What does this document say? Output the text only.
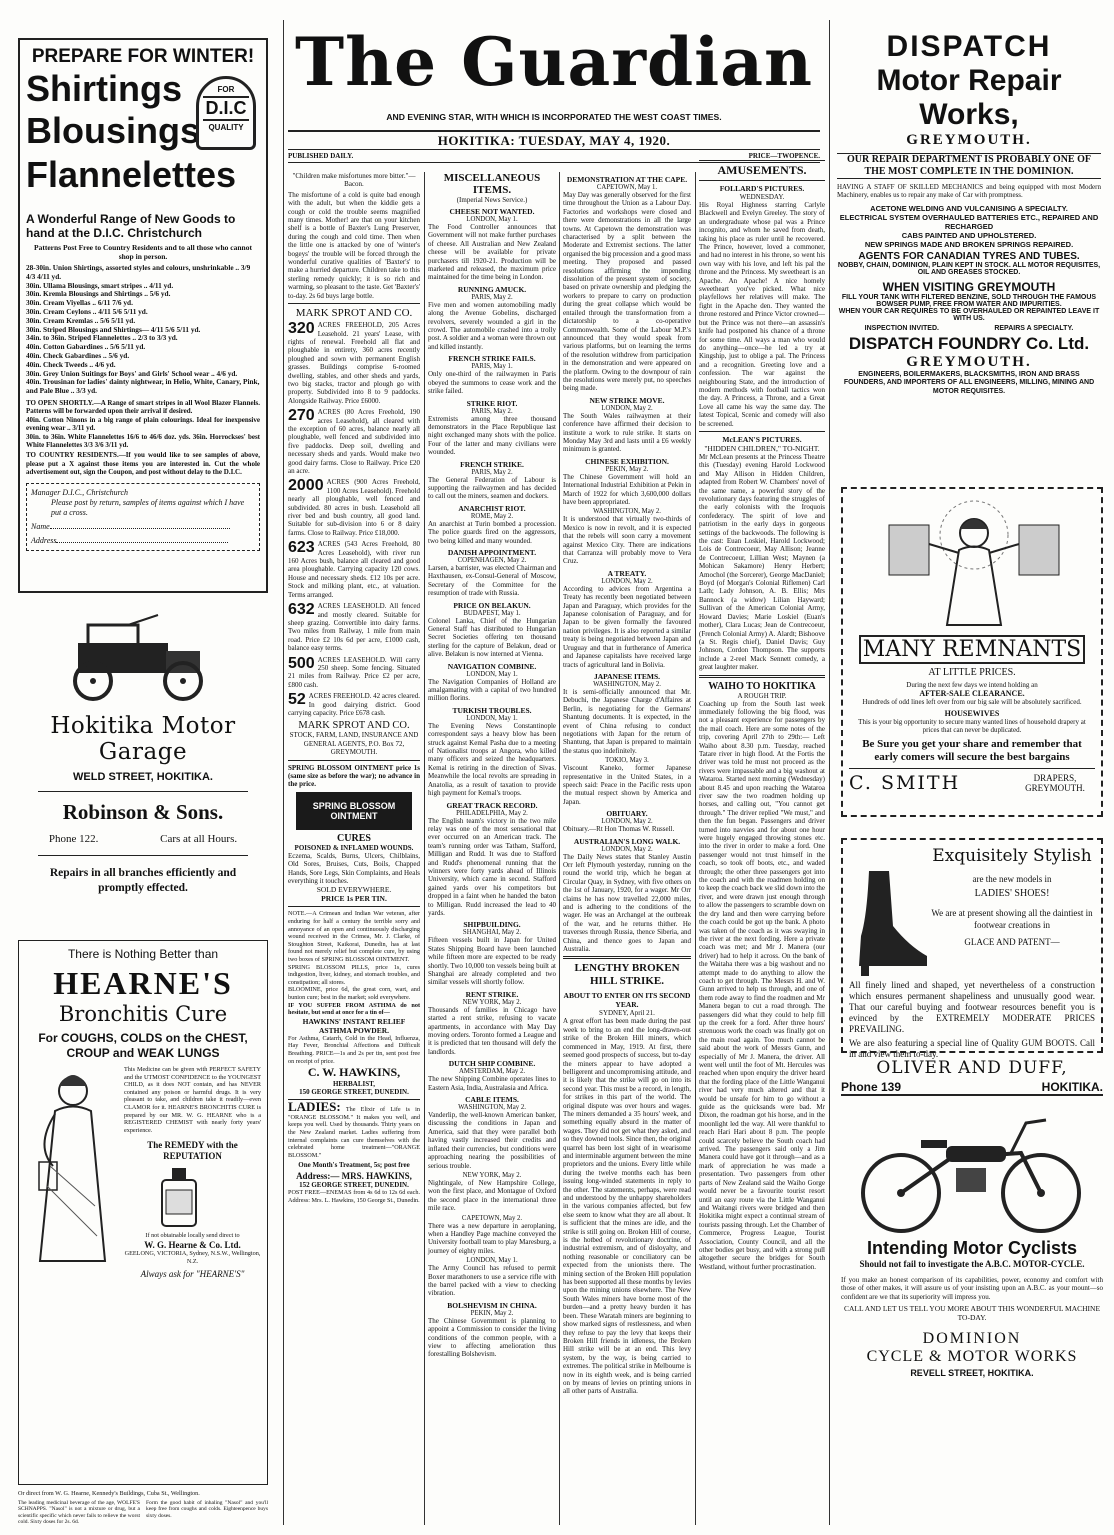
PREPARE FOR WINTER!
Shirtings
Blousings
Flannelettes
FOR
D.I.C
QUALITY
A Wonderful Range of New Goods to hand at the D.I.C. Christchurch
Patterns Post Free to Country Residents and to all those who cannot shop in person.
28-30in. Union Shirtings, assorted styles and colours, unshrinkable .. 3/9 4/3 4/11 yd.
30in. Ullama Blousings, smart stripes .. 4/11 yd.
30in. Kremla Blousings and Shirtings .. 5/6 yd.
30in. Cream Viyellas .. 6/11 7/6 yd.
30in. Cream Ceylons .. 4/11 5/6 5/11 yd.
30in. Cream Kremlas .. 5/6 5/11 yd.
30in. Striped Blousings and Shirtings— 4/11 5/6 5/11 yd.
34in. to 36in. Striped Flannelettes .. 2/3 to 3/3 yd.
40in. Cotton Gabardines .. 5/6 5/11 yd.
40in. Check Gabardines .. 5/6 yd.
40in. Check Tweeds .. 4/6 yd.
30in. Grey Union Suitings for Boys' and Girls' School wear .. 4/6 yd.
40in. Trousinan for ladies' dainty nightwear, in Helio, White, Canary, Pink, and Pale Blue .. 3/3 yd.
TO OPEN SHORTLY.—A Range of smart stripes in all Wool Blazer Flannels. Patterns will be forwarded upon their arrival if desired.
40in. Cotton Ninons in a big range of plain colourings. Ideal for inexpensive evening wear .. 3/11 yd.
30in. to 36in. White Flannelettes 16/6 to 46/6 doz. yds. 36in. Horrockses' best White Flannelettes 3/3 3/6 3/11 yd.
TO COUNTRY RESIDENTS.—If you would like to see samples of above, please put a X against those items you are interested in. Cut the whole advertisement out, sign the Coupon, and post without delay to the D.I.C.
Manager D.I.C., Christchurch
Please post by return, samples of items against which I have put a cross.
Name
Address
Hokitika Motor Garage
WELD STREET, HOKITIKA.
Robinson & Sons.
Phone 122.	Cars at all Hours.
Repairs in all branches efficiently and promptly effected.
There is Nothing Better than
HEARNE'S
Bronchitis Cure
For COUGHS, COLDS on the CHEST, CROUP and WEAK LUNGS
This Medicine can be given with PERFECT SAFETY and the UTMOST CONFIDENCE to the YOUNGEST CHILD, as it does NOT contain, and has NEVER contained any poison or harmful drugs. It is very pleasant to take, and children take it readily—even CLAMOR for it. HEARNE'S BRONCHITIS CURE is prepared by our MR. W. G. HEARNE who is a REGISTERED CHEMIST with nearly forty years' experience.
The REMEDY with the REPUTATION
If not obtainable locally send direct to
W. G. Hearne & Co. Ltd.
GEELONG, VICTORIA, Sydney, N.S.W., Wellington, N.Z.
Always ask for "HEARNE'S"
Or direct from W. G. Hearne, Kennedy's Buildings, Cuba St., Wellington.
The leading medicinal beverage of the age, WOLFE'S SCHNAPPS. "Nasol" is not a mixture or drug, but a scientific specific which never fails to relieve the worst cold. Sixty doses for 2s. 6d.
Form the good habit of inhaling "Nasol" and you'll keep free from coughs and colds. Eighteenpence buys sixty doses.
The Guardian
AND EVENING STAR, WITH WHICH IS INCORPORATED THE WEST COAST TIMES.
HOKITIKA: TUESDAY, MAY 4, 1920.
PUBLISHED DAILY.	PRICE—TWOPENCE.
"Children make misfortunes more bitter."—Bacon.
The misfortune of a cold is quite bad enough with the adult, but when the kiddie gets a cough or cold the trouble seems magnified many times. Mother! are that on your kitchen shelf is a bottle of Baxter's Lung Preserver, during the cough and cold time. Then when the little one is attacked by one of 'winter's bogeys' the trouble will be forced through the wonderful curative qualities of 'Baxter's' to make a hurried departure. Children take to this sterling remedy quickly; it is so rich and warming, so pleasant to the taste. Get 'Baxter's' to-day. 2s 6d buys large bottle.
MARK SPROT AND CO.
320 ACRES FREEHOLD, 205 Acres Leasehold. 21 years' Lease, with rights of renewal. Freehold all flat and ploughable in entirety, 360 acres recently ploughed and sown with permanent English grasses. Buildings comprise 6-roomed dwelling, stables, and other sheds and yards, two big stacks, tractor and plough go with property. Subdivided into 8 to 9 paddocks. Alongside Railway. Price £6000.
270 ACRES (80 Acres Freehold, 190 acres Leasehold), all cleared with the exception of 60 acres, balance nearly all ploughable, well fenced and subdivided into five paddocks. Deep soil, dwelling and necessary sheds and yards. Would make two good dairy farms. Close to Railway. Price £20 an acre.
2000 ACRES (900 Acres Freehold, 1100 Acres Leasehold). Freehold nearly all ploughable, well fenced and subdivided. 80 acres in bush. Leasehold all river bed and bush country, all good land. Suitable for sub-division into 6 or 8 dairy farms. Close to Railway. Price £18,000.
623 ACRES (543 Acres Freehold, 80 Acres Leasehold), with river run 160 Acres bush, balance all cleared and good area ploughable. Carrying capacity 120 cows. House and necessary sheds. £12 10s per acre. Stock and milking plant, etc., at valuation. Terms arranged.
632 ACRES LEASEHOLD. All fenced and mostly cleared. Suitable for sheep grazing. Convertible into dairy farms. Two miles from Railway, 1 mile from main road. Price £2 10s 6d per acre, £1000 cash, balance easy terms.
500 ACRES LEASEHOLD. Will carry 250 sheep. Some fencing. Situated 21 miles from Railway. Price £2 per acre, £800 cash.
52 ACRES FREEHOLD. 42 acres cleared. In good dairying district. Good carrying capacity. Price £678 cash.
MARK SPROT AND CO.
STOCK, FARM, LAND, INSURANCE AND GENERAL AGENTS, P.O. Box 72, GREYMOUTH.
SPRING BLOSSOM OINTMENT price 1s (same size as before the war); no advance in the price.
SPRING BLOSSOM OINTMENT
CURES
POISONED & INFLAMED WOUNDS.
Eczema, Scalds, Burns, Ulcers, Chilblains, Old Sores, Bruises, Cuts, Boils, Chapped Hands, Sore Legs, Skin Complaints, and Heals everything it touches.
SOLD EVERYWHERE.
PRICE 1s PER TIN.
NOTE.—A Crimean and Indian War veteran, after enduring for half a century the terrible sorry and annoyance of an open and continuously discharging wound received in the Crimea, Mr. J. Clarke, of Stoughton Street, Kaikorai, Dunedin, has at last found not merely relief but complete cure, by using two boxes of SPRING BLOSSOM OINTMENT.
SPRING BLOSSOM PILLS, price 1s, cures indigestion, liver, kidney, and stomach troubles, and constipation; all stores.
BLOOMINE, price 6d, the great corn, wart, and bunion cure; best in the market; sold everywhere.
IF YOU SUFFER FROM ASTHMA do not hesitate, but send at once for a tin of—
HAWKINS' INSTANT RELIEF ASTHMA POWDER.
For Asthma, Catarrh, Cold in the Head, Influenza, Hay Fever, Bronchial Affections and Difficult Breathing. PRICE—1s and 2s per tin, sent post free on receipt of price.
C. W. HAWKINS,
HERBALIST,
150 GEORGE STREET, DUNEDIN.
LADIES: The Elixir of Life is in "ORANGE BLOSSOM." It makes you well, and keeps you well. Used by thousands. Thirty years on the New Zealand market. Ladies suffering from internal complaints can cure themselves with the celebrated home treatment—"ORANGE BLOSSOM."
One Month's Treatment, 5s; post free
Address:— MRS. HAWKINS,
152 GEORGE STREET, DUNEDIN.
POST FREE—ENEMAS from 4s 6d to 12s 6d each. Address: Mrs. L. Hawkins, 150 George St., Dunedin.
MISCELLANEOUS ITEMS.
(Imperial News Service.)
CHEESE NOT WANTED.
LONDON, May 1.
The Food Controller announces that Government will not make further purchases of cheese. All Australian and New Zealand cheese will be available for private purchasers till 1920-21. Production will be marketed and released, the maximum price maintained for the time being in London.
RUNNING AMUCK.
PARIS, May 2.
Five men and women automobiling madly along the Avenue Gobelins, discharged revolvers, severely wounded a girl in the crowd. The automobile crashed into a trolly post. A soldier and a woman were thrown out and killed instantly.
FRENCH STRIKE FAILS.
PARIS, May 1.
Only one-third of the railwaymen in Paris obeyed the summons to cease work and the strike failed.
STRIKE RIOT.
PARIS, May 2.
Extremists among three thousand demonstrators in the Place Republique last night exchanged many shots with the police. Four of the latter and many civilians were wounded.
FRENCH STRIKE.
PARIS, May 2.
The General Federation of Labour is supporting the railwaymen and has decided to call out the miners, seamen and dockers.
ANARCHIST RIOT.
ROME, May 2.
An anarchist at Turin bombed a procession. The police guards fired on the aggressors, two being killed and many wounded.
DANISH APPOINTMENT.
COPENHAGEN, May 2.
Larsen, a barrister, was elected Chairman and Haxthausen, ex-Consul-General of Moscow, Secretary of the Committee for the resumption of trade with Russia.
PRICE ON BELAKUN.
BUDAPEST, May 1.
Colonel Lanka, Chief of the Hungarian General Staff has distributed to Hungarian Secret Societies offering ten thousand sterling for the capture of Belakun, dead or alive. Belakun is now interned at Vienna.
NAVIGATION COMBINE.
LONDON, May 1.
The Navigation Companies of Holland are amalgamating with a capital of two hundred million florins.
TURKISH TROUBLES.
LONDON, May 1.
The Evening News Constantinople correspondent says a heavy blow has been struck against Kemal Pasha due to a meeting of Nationalist troops at Angora, who killed many officers and seized the headquarters. Kemal is retiring in the direction of Sivas. Meanwhile the local revolts are spreading in Anatolia, as a result of taxation to provide high payment for Kemal's troops.
GREAT TRACK RECORD.
PHILADELPHIA, May 2.
The English team's victory in the two mile relay was one of the most sensational that ever occurred on an American track. The team's running order was Tatham, Stafford, Milligan and Rudd. It was due to Stafford and Rudd's phenomenal running that the winners were forty yards ahead of Illinois University, which came in second. Stafford gained yards over his competitors but dropped in a faint when he handed the baton to Milligan. Rudd increased the lead to 40 yards.
SHIPBUILDING.
SHANGHAI, May 2.
Fifteen vessels built in Japan for United States Shipping Board have been launched while fifteen more are expected to be ready shortly. Two 10,000 ton vessels being built at Shanghai are already completed and two similar vessels will shortly follow.
RENT STRIKE.
NEW YORK, May 2.
Thousands of families in Chicago have started a rent strike, refusing to vacate apartments, in accordance with May Day moving orders. Toronto formed a League and it is predicted that ten thousand will defy the landlords.
DUTCH SHIP COMBINE.
AMSTERDAM, May 2.
The new Shipping Combine operates lines to Eastern Asia, India, Australasia and Africa.
CABLE ITEMS.
WASHINGTON, May 2.
Vanderlip, the well-known American banker, discussing the conditions in Japan and America, said that they were parallel both having vastly increased their credits and inflated their currencies, but conditions were approaching nearing the possibilities of serious trouble.
NEW YORK, May 2.
Nightingale, of New Hampshire College, won the first place, and Montague of Oxford the second place in the international three mile race.
CAPETOWN, May 2.
There was a new departure in aeroplaning, when a Handley Page machine conveyed the University football team to play Maresburg, a journey of eighty miles.
LONDON, May 1.
The Army Council has refused to permit Boxer marathoners to use a service rifle with the barrel packed with a view to checking vibration.
BOLSHEVISM IN CHINA.
PEKIN, May 2.
The Chinese Government is planning to appoint a Commission to consider the living conditions of the common people, with a view to affecting amelioration thus forestalling Bolshevism.
DEMONSTRATION AT THE CAPE.
CAPETOWN, May 1.
May Day was generally observed for the first time throughout the Union as a Labour Day. Factories and workshops were closed and there were demonstrations in all the large towns. At Capetown the demonstration was characterised by a split between the Moderate and Extremist sections. The latter organised the big procession and a good mass meeting. They proposed and passed resolutions affirming the impending dissolution of the present system of society, based on private ownership and pledging the workers to prepare to carry on production during the great collapse which would be entailed through the transformation from a dictatorship to a co-operative Commonwealth. Some of the Labour M.P.'s announced that they would speak from various platforms, but on learning the terms of the resolution withdrew from participation in the demonstration and were appeared on the platform. Owing to the downpour of rain the resolutions were merely put, no speeches being made.
NEW STRIKE MOVE.
LONDON, May 2.
The South Wales railwaymen at their conference have affirmed their decision to institute a work to rule strike. It starts on Monday May 3rd and lasts until a £6 weekly minimum is granted.
CHINESE EXHIBITION.
PEKIN, May 2.
The Chinese Government will hold an International Industrial Exhibition at Pekin in March of 1922 for which 3,600,000 dollars have been appropriated.
WASHINGTON, May 2.
It is understood that virtually two-thirds of Mexico is now in revolt, and it is expected that the rebels will soon carry a movement against Mexico City. There are indications that Carranza will probably move to Vera Cruz.
A TREATY.
LONDON, May 2.
According to advices from Argentina a Treaty has recently been negotiated between Japan and Paraguay, which provides for the Japanese colonisation of Paraguay, and for Japan to be given formally the favoured nation privileges. It is also reported a similar treaty is being negotiated between Japan and Uruguay and that in furtherance of America and Japanese capitalists have received large tracts of agricultural land in Bolivia.
JAPANESE ITEMS.
WASHINGTON, May 2.
It is semi-officially announced that Mr. Debuchi, the Japanese Charge d'Affaires at Berlin, is negotiating for the Germans' Shantung documents. It is expected, in the event of China refusing to conduct negotiations with Japan for the return of Shantung, that Japan is prepared to maintain the status quo indefinitely.
TOKIO, May 3.
Viscount Kaneko, former Japanese representative in the United States, in a speech said: Peace in the Pacific rests upon the mutual respect shown by America and Japan.
OBITUARY.
LONDON, May 2.
Obituary.—Rt Hon Thomas W. Russell.
AUSTRALIAN'S LONG WALK.
LONDON, May 2.
The Daily News states that Stanley Austin Orr left Plymouth yesterday, running on the round the world trip, which he began at Circular Quay, in Sydney, with five others on the 1st of January, 1920, for a wager. Mr Orr claims he has now travelled 22,000 miles, and is adhering to the conditions of the wager. He was an Archangel at the outbreak of the war, and he returns thither. He traverses through Russia, thence Siberia, and China, and thence goes to Japan and Australia.
LENGTHY BROKEN HILL STRIKE.
ABOUT TO ENTER ON ITS SECOND YEAR.
SYDNEY, April 21.
A great effort has been made during the past week to bring to an end the long-drawn-out strike of the Broken Hill miners, which commenced in May, 1919. At first, there seemed good prospects of success, but to-day the miners appear to have adopted a belligerent and uncompromising attitude, and it is likely that the strike will go on into its second year. This must be a record, in length, for strikes in this part of the world. The original dispute was over hours and wages. The miners demanded a 35 hours' week, and something equally absurd in the matter of wages. They did not get what they asked, and so they downed tools. Since then, the original quarrel has been lost sight of in wearisome and interminable argument between the mine proprietors and the unions. Every little while during the twelve months each has been issuing long-winded statements in reply to the other. The statements, perhaps, were read and understood by the unhappy shareholders in the various companies affected, but few else seem to know what they are all about. It is sufficient that the mines are idle, and the strike is still going on. Broken Hill of course, is the hotbed of revolutionary doctrine, of industrial extremism, and of disloyalty, and nothing reasonable or conciliatory can be expected from the unionists there. The mining section of the Broken Hill population has been supported all these months by levies upon the mining unions elsewhere. The New South Wales miners have borne most of the burden—and a pretty heavy burden it has been. These Waratah miners are beginning to show marked signs of restlessness, and when they refuse to pay the levy that keeps their Broken Hill friends in idleness, the Broken Hill strike will be at an end. This levy system, by the way, is being carried to extremes. The political strike in Melbourne is now in its eighth week, and is being carried on by means of levies on printing unions in all other parts of Australia.
AMUSEMENTS.
FOLLARD'S PICTURES.
WEDNESDAY.
His Royal Highness starring Carlyle Blackwell and Evelyn Greeley. The story of an undergraduate whose pal was a Prince incognito, and whom he saved from death, taking his place as ruler until he recovered. The Prince, however, loved a commoner, and had no interest in his throne, so went his own way with his love, and left his pal the throne and the Princess. My sweetheart is an Apache. An Apache! A nice homely sweetheart you've picked. What nice playfellows her relatives will make. The fight in the Apache den. They wanted the throne restored and Prince Victor crowned—but the Prince was not there—an assassin's knife had postponed his chance of a throne for some time. All ways a man who would do anything—once—he led a try at Kingship, just to oblige a pal. The Princess and a recognition. Greeting love and a confession. The war against the neighbouring State, and the introduction of modern methods with football tactics won the day. A Princess, a Throne, and a Great Love all came his way the same day. The latest Topical, Scenic and comedy will also be screened.
McLEAN'S PICTURES.
"HIDDEN CHILDREN," TO-NIGHT.
Mr McLean presents at the Princess Theatre this (Tuesday) evening Harold Lockwood and May Allison in Hidden Children, adapted from Robert W. Chambers' novel of the same name, a powerful story of the revolutionary days featuring the struggles of the early colonists with the Iroquois confederacy. The spirit of love and patriotism in the early days in gorgeous settings of the backwoods. The following is the cast: Euan Loskiel, Harold Lockwood; Lois de Contrecoeur, May Allison; Jeanne de Contrecoeur, Lillian West; Maynen (a Mohican Sakamore) Henry Herbert; Amochol (the Sorcerer), George MacDaniel; Boyd (of Morgan's Colonial Riflemen) Carl Lath; Lady Johnson, A. B. Ellis; Mrs Bannock (a widow) Lilian Hayward; Sullivan of the American Colonial Army, Howard Davies; Marie Loskiel (Euan's mother), Clara Lucas; Jean de Contrecoeur, (French Colonial Army) A. Alardt; Bishoove (a St. Regis chief), Daniel Davis; Guy Johnson, Cordon Thompson. The supports include a 2-reel Mack Sennett comedy, a great laughter maker.
WAIHO TO HOKITIKA
A ROUGH TRIP.
Coaching up from the South last week immediately following the big flood, was not a pleasant experience for passengers by the mail coach. Here are some notes of the trip, covering April 27th to 29th:— Left Waiho about 8.30 p.m. Tuesday, reached Tatare river in high flood. At the Fortis the driver was told he must not proceed as the rivers were impassable and a big washout at Wataroa. Started next morning (Wednesday) about 8.45 and upon reaching the Wataroa river saw the two roadmen holding up horses, and calling out, "You cannot get through." The driver replied "We must," and then the fun began. Passengers and driver turned into navvies and for about one hour were hugely engaged throwing stones etc. into the river in order to make a ford. One passenger would not trust himself in the coach, so took off boots, etc., and waded through; the other three passengers got into the coach and with the roadmen holding on to keep the coach back we slid down into the river, and were drawn just enough through to allow the passengers to scramble down on the dry land and then were carrying before the coach could be got up the bank. A photo was taken of the coach as it was swaying in the river at the next fording. Here a private coach was met; and Mr J. Manera (our driver) had to help it across. On the bank of the Waitaha there was a big washout and no attempt made to do anything to allow the coach to get through. The Messrs H. and W. Gunn arrived to help us through, and one of them rode away to find the roadmen and Mr Manera began to cut a road through. The passengers did what they could to help fill up the creek for a ford. After three hours' strenuous work the coach was finally got on the main road again. Too much cannot be said about the work of Messrs Gunn, and especially of Mr J. Manera, the driver. All went well until the foot of Mt. Hercules was reached when upon enquiry the driver heard that the fording place of the Little Wanganui river had very much altered and that it would be unsafe for him to go without a guide as the quicksands were bad. Mr Dixon, the roadman got his horse, and in the moonlight led the way. All were thankful to reach Hari Hari about 8 p.m. The people could scarcely believe the South coach had arrived. The passengers said only a Jim Manera could have got it through—and as a mark of appreciation he was made a presentation. Two passengers from other parts of New Zealand said the Waiho Gorge would never be a favourite tourist resort until an easy route via the Little Wanganui and Waitangi rivers were bridged and then Hokitika might expect a continual stream of tourists passing through. Let the Chamber of Commerce, Progress League, Tourist Association, County Council, and all the other bodies get busy, and with a strong pull altogether secure the bridges for South Westland, without further procrastination.
DISPATCH
Motor Repair Works,
GREYMOUTH.
OUR REPAIR DEPARTMENT IS PROBABLY ONE OF THE MOST COMPLETE IN THE DOMINION.
HAVING A STAFF OF SKILLED MECHANICS and being equipped with most Modern Machinery, enables us to repair any make of Car with promptness.
ACETONE WELDING AND VULCANISING A SPECIALTY.
ELECTRICAL SYSTEM OVERHAULED BATTERIES ETC., REPAIRED AND RECHARGED
CABS PAINTED AND UPHOLSTERED.
NEW SPRINGS MADE AND BROKEN SPRINGS REPAIRED.
AGENTS FOR CANADIAN TYRES AND TUBES.
NOBBY, CHAIN, DOMINION, PLAIN KEPT IN STOCK. ALL MOTOR REQUISITES, OIL AND GREASES STOCKED.
WHEN VISITING GREYMOUTH
FILL YOUR TANK WITH FILTERED BENZINE, SOLD THROUGH THE FAMOUS BOWSER PUMP, FREE FROM WATER AND IMPURITIES.
WHEN YOUR CAR REQUIRES TO BE OVERHAULED OR REPAINTED LEAVE IT WITH US.
INSPECTION INVITED.	REPAIRS A SPECIALTY.
DISPATCH FOUNDRY Co. Ltd.
GREYMOUTH.
ENGINEERS, BOILERMAKERS, BLACKSMITHS, IRON AND BRASS FOUNDERS, AND IMPORTERS OF ALL ENGINEERS, MILLING, MINING AND MOTOR REQUISITES.
MANY REMNANTS
AT LITTLE PRICES.
During the next few days we intend holding an
AFTER-SALE CLEARANCE.
Hundreds of odd lines left over from our big sale will be absolutely sacrificed.
HOUSEWIVES
This is your big opportunity to secure many wanted lines of household drapery at prices that can never be duplicated.
Be Sure you get your share and remember that early comers will secure the best bargains
C. SMITH	DRAPERS, GREYMOUTH.
Exquisitely Stylish
are the new models in
LADIES' SHOES!
We are at present showing all the daintiest in footwear creations in
GLACE AND PATENT—
All finely lined and shaped, yet nevertheless of a construction which ensures permanent shapeliness and unusually good wear. That our careful buying and footwear resources benefit you is evinced by the EXTREMELY MODERATE PRICES PREVAILING.
We are also featuring a special line of Quality GUM BOOTS. Call in and view them to-day.
OLIVER AND DUFF,
Phone 139	HOKITIKA.
Intending Motor Cyclists
Should not fail to investigate the A.B.C. MOTOR-CYCLE.
If you make an honest comparison of its capabilities, power, economy and comfort with those of other makes, it will assure us of your insisting upon an A.B.C. as your mount—so confident are we that its superiority will impress you.
CALL AND LET US TELL YOU MORE ABOUT THIS WONDERFUL MACHINE TO-DAY.
DOMINION
CYCLE & MOTOR WORKS
REVELL STREET, HOKITIKA.
